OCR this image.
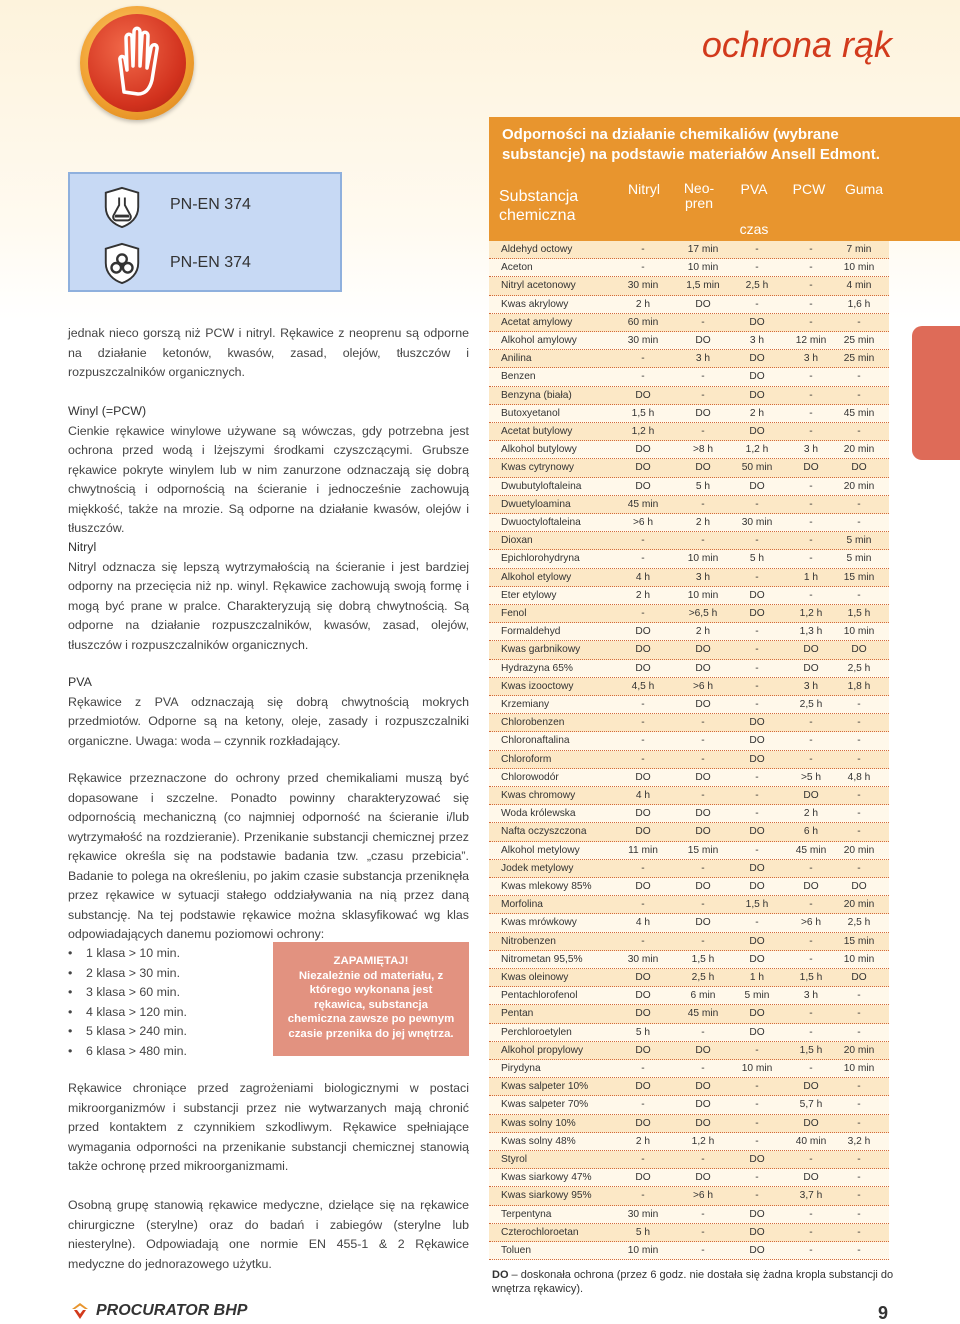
ochrona rąk
Odporności na działanie chemikaliów (wybrane substancje) na podstawie materiałów Ansell Edmont.
PN-EN 374
PN-EN 374

jednak nieco gorszą niż PCW i nitryl. Rękawice z neoprenu są odporne na działanie ketonów, kwasów, zasad, olejów, tłuszczów i rozpuszczalników organicznych.

Winyl (=PCW)

Cienkie rękawice winylowe używane są wówczas, gdy potrzebna jest ochrona przed wodą i lżejszymi środkami czyszczącymi. Grubsze rękawice pokryte winylem lub w nim zanurzone odznaczają się dobrą chwytnością i odpornością na ścieranie i jednocześnie zachowują miękkość, także na mrozie. Są odporne na działanie kwasów, olejów i tłuszczów.

Nitryl

Nitryl odznacza się lepszą wytrzymałością na ścieranie i jest bardziej odporny na przecięcia niż np. winyl. Rękawice zachowują swoją formę i mogą być prane w pralce. Charakteryzują się dobrą chwytnością. Są odporne na działanie rozpuszczalników, kwasów, zasad, olejów, tłuszczów i rozpuszczalników organicznych.

PVA

Rękawice z PVA odznaczają się dobrą chwytnością mokrych przedmiotów. Odporne są na ketony, oleje, zasady i rozpuszczalniki organiczne. Uwaga: woda – czynnik rozkładający.

Rękawice przeznaczone do ochrony przed chemikaliami muszą być dopasowane i szczelne. Ponadto powinny charakteryzować się odpornością mechaniczną (co najmniej odporność na ścieranie i/lub wytrzymałość na rozdzieranie). Przenikanie substancji chemicznej przez rękawice określa się na podstawie badania tzw. „czasu przebicia”. Badanie to polega na określeniu, po jakim czasie substancja przeniknęła przez rękawice w sytuacji stałego oddziaływania na nią przez daną substancję. Na tej podstawie rękawice można sklasyfikować wg klas odpowiadających danemu poziomowi ochrony:

• 1 klasa > 10 min.
• 2 klasa > 30 min.
• 3 klasa > 60 min.
• 4 klasa > 120 min.
• 5 klasa > 240 min.
• 6 klasa > 480 min.
ZAPAMIĘTAJ!
Niezależnie od materiału, z którego wykonana jest rękawica, substancja chemiczna zawsze po pewnym czasie przenika do jej wnętrza.

Rękawice chroniące przed zagrożeniami biologicznymi w postaci mikroorganizmów i substancji przez nie wytwarzanych mają chronić przed kontaktem z czynnikiem szkodliwym. Rękawice spełniające wymagania odporności na przenikanie substancji chemicznej stanowią także ochronę przed mikroorganizmami.

Osobną grupę stanowią rękawice medyczne, dzielące się na rękawice chirurgiczne (sterylne) oraz do badań i zabiegów (sterylne lub niesterylne). Odpowiadają one normie EN 455-1 & 2 Rękawice medyczne do jednorazowego użytku.

PROCURATOR BHP	9
Substancja chemiczna
Nitryl	Neo-pren
PVA	PCW	Guma
czas
Aldehyd octowy	-	17 min	-	-	7 min
Aceton	-	10 min	-	-	10 min
Nitryl acetonowy	30 min	1,5 min	2,5 h	-	4 min
Kwas akrylowy	2 h	DO	-	-	1,6 h
Acetat amylowy	60 min	-	DO	-	-
Alkohol amylowy	30 min	DO	3 h	12 min	25 min
Anilina	-	3 h	DO	3 h	25 min
Benzen	-	-	DO	-	-
Benzyna (biała)	DO	-	DO	-	-
Butoxyetanol	1,5 h	DO	2 h	-	45 min
Acetat butylowy	1,2 h	-	DO	-	-
Alkohol butylowy	DO	>8 h	1,2 h	3 h	20 min
Kwas cytrynowy	DO	DO	50 min	DO	DO
Dwubutyloftaleina	DO	5 h	DO	-	20 min
Dwuetyloamina	45 min	-	-	-	-
Dwuoctyloftaleina	>6 h	2 h	30 min	-	-
Dioxan	-	-	-	-	5 min
Epichlorohydryna	-	10 min	5 h	-	5 min
Alkohol etylowy	4 h	3 h	-	1 h	15 min
Eter etylowy	2 h	10 min	DO	-	-
Fenol	-	>6,5 h	DO	1,2 h	1,5 h
Formaldehyd	DO	2 h	-	1,3 h	10 min
Kwas garbnikowy	DO	DO	-	DO	DO
Hydrazyna 65%	DO	DO	-	DO	2,5 h
Kwas izooctowy	4,5 h	>6 h	-	3 h	1,8 h
Krzemiany	-	DO	-	2,5 h	-
Chlorobenzen	-	-	DO	-	-
Chloronaftalina	-	-	DO	-	-
Chloroform	-	-	DO	-	-
Chlorowodór	DO	DO	-	>5 h	4,8 h
Kwas chromowy	4 h	-	-	DO	-
Woda królewska	DO	DO	-	2 h	-
Nafta oczyszczona	DO	DO	DO	6 h	-
Alkohol metylowy	11 min	15 min	-	45 min	20 min
Jodek metylowy	-	-	DO	-	-
Kwas mlekowy 85%	DO	DO	DO	DO	DO
Morfolina	-	-	1,5 h	-	20 min
Kwas mrówkowy	4 h	DO	-	>6 h	2,5 h
Nitrobenzen	-	-	DO	-	15 min
Nitrometan 95,5%	30 min	1,5 h	DO	-	10 min
Kwas oleinowy	DO	2,5 h	1 h	1,5 h	DO
Pentachlorofenol	DO	6 min	5 min	3 h	-
Pentan	DO	45 min	DO	-	-
Perchloroetylen	5 h	-	DO	-	-
Alkohol propylowy	DO	DO	-	1,5 h	20 min
Pirydyna	-	-	10 min	-	10 min
Kwas salpeter 10%	DO	DO	-	DO	-
Kwas salpeter 70%	-	DO	-	5,7 h	-
Kwas solny 10%	DO	DO	-	DO	-
Kwas solny 48%	2 h	1,2 h	-	40 min	3,2 h
Styrol	-	-	DO	-	-
Kwas siarkowy 47%	DO	DO	-	DO	-
Kwas siarkowy 95%	-	>6 h	-	3,7 h	-
Terpentyna	30 min	-	DO	-	-
Czterochloroetan	5 h	-	DO	-	-
Toluen	10 min	-	DO	-	-
DO – doskonała ochrona (przez 6 godz. nie dostała się żadna kropla substancji do wnętrza rękawicy).
